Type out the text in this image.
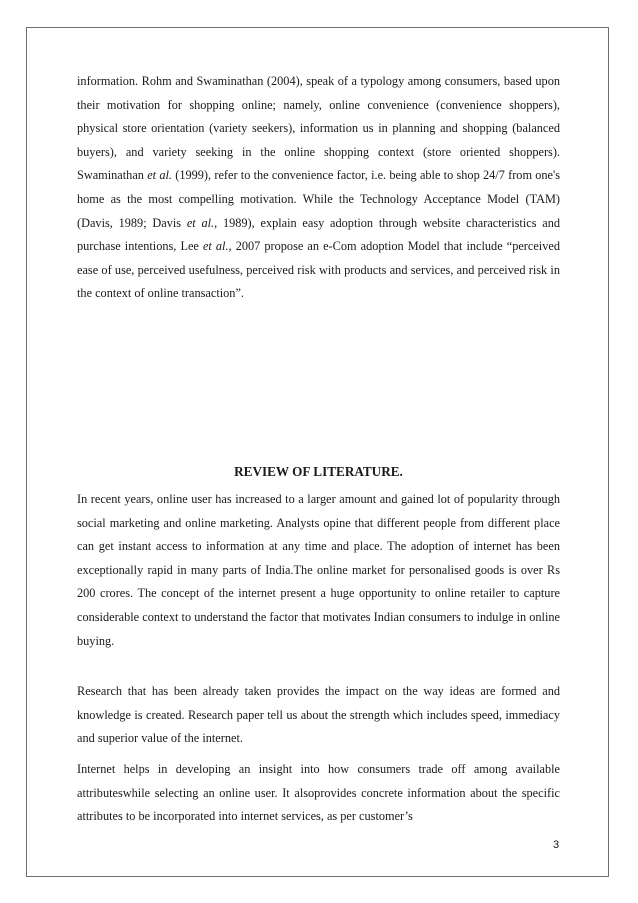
information. Rohm and Swaminathan (2004), speak of a typology among consumers, based upon their motivation for shopping online; namely, online convenience (convenience shoppers), physical store orientation (variety seekers), information us in planning and shopping (balanced buyers), and variety seeking in the online shopping context (store oriented shoppers). Swaminathan et al. (1999), refer to the convenience factor, i.e. being able to shop 24/7 from one's home as the most compelling motivation. While the Technology Acceptance Model (TAM) (Davis, 1989; Davis et al., 1989), explain easy adoption through website characteristics and purchase intentions, Lee et al., 2007 propose an e-Com adoption Model that include “perceived ease of use, perceived usefulness, perceived risk with products and services, and perceived risk in the context of online transaction”.

REVIEW OF LITERATURE.

In recent years, online user has increased to a larger amount and gained lot of popularity through social marketing and online marketing. Analysts opine that different people from different place can get instant access to information at any time and place. The adoption of internet has been exceptionally rapid in many parts of India.The online market for personalised goods is over Rs 200 crores. The concept of the internet present a huge opportunity to online retailer to capture considerable context to understand the factor that motivates Indian consumers to indulge in online buying.

Research that has been already taken provides the impact on the way ideas are formed and knowledge is created. Research paper tell us about the strength which includes speed, immediacy and superior value of the internet.

Internet helps in developing an insight into how consumers trade off among available attributeswhile selecting an online user. It alsoprovides concrete information about the specific attributes to be incorporated into internet services, as per customer’s

3
